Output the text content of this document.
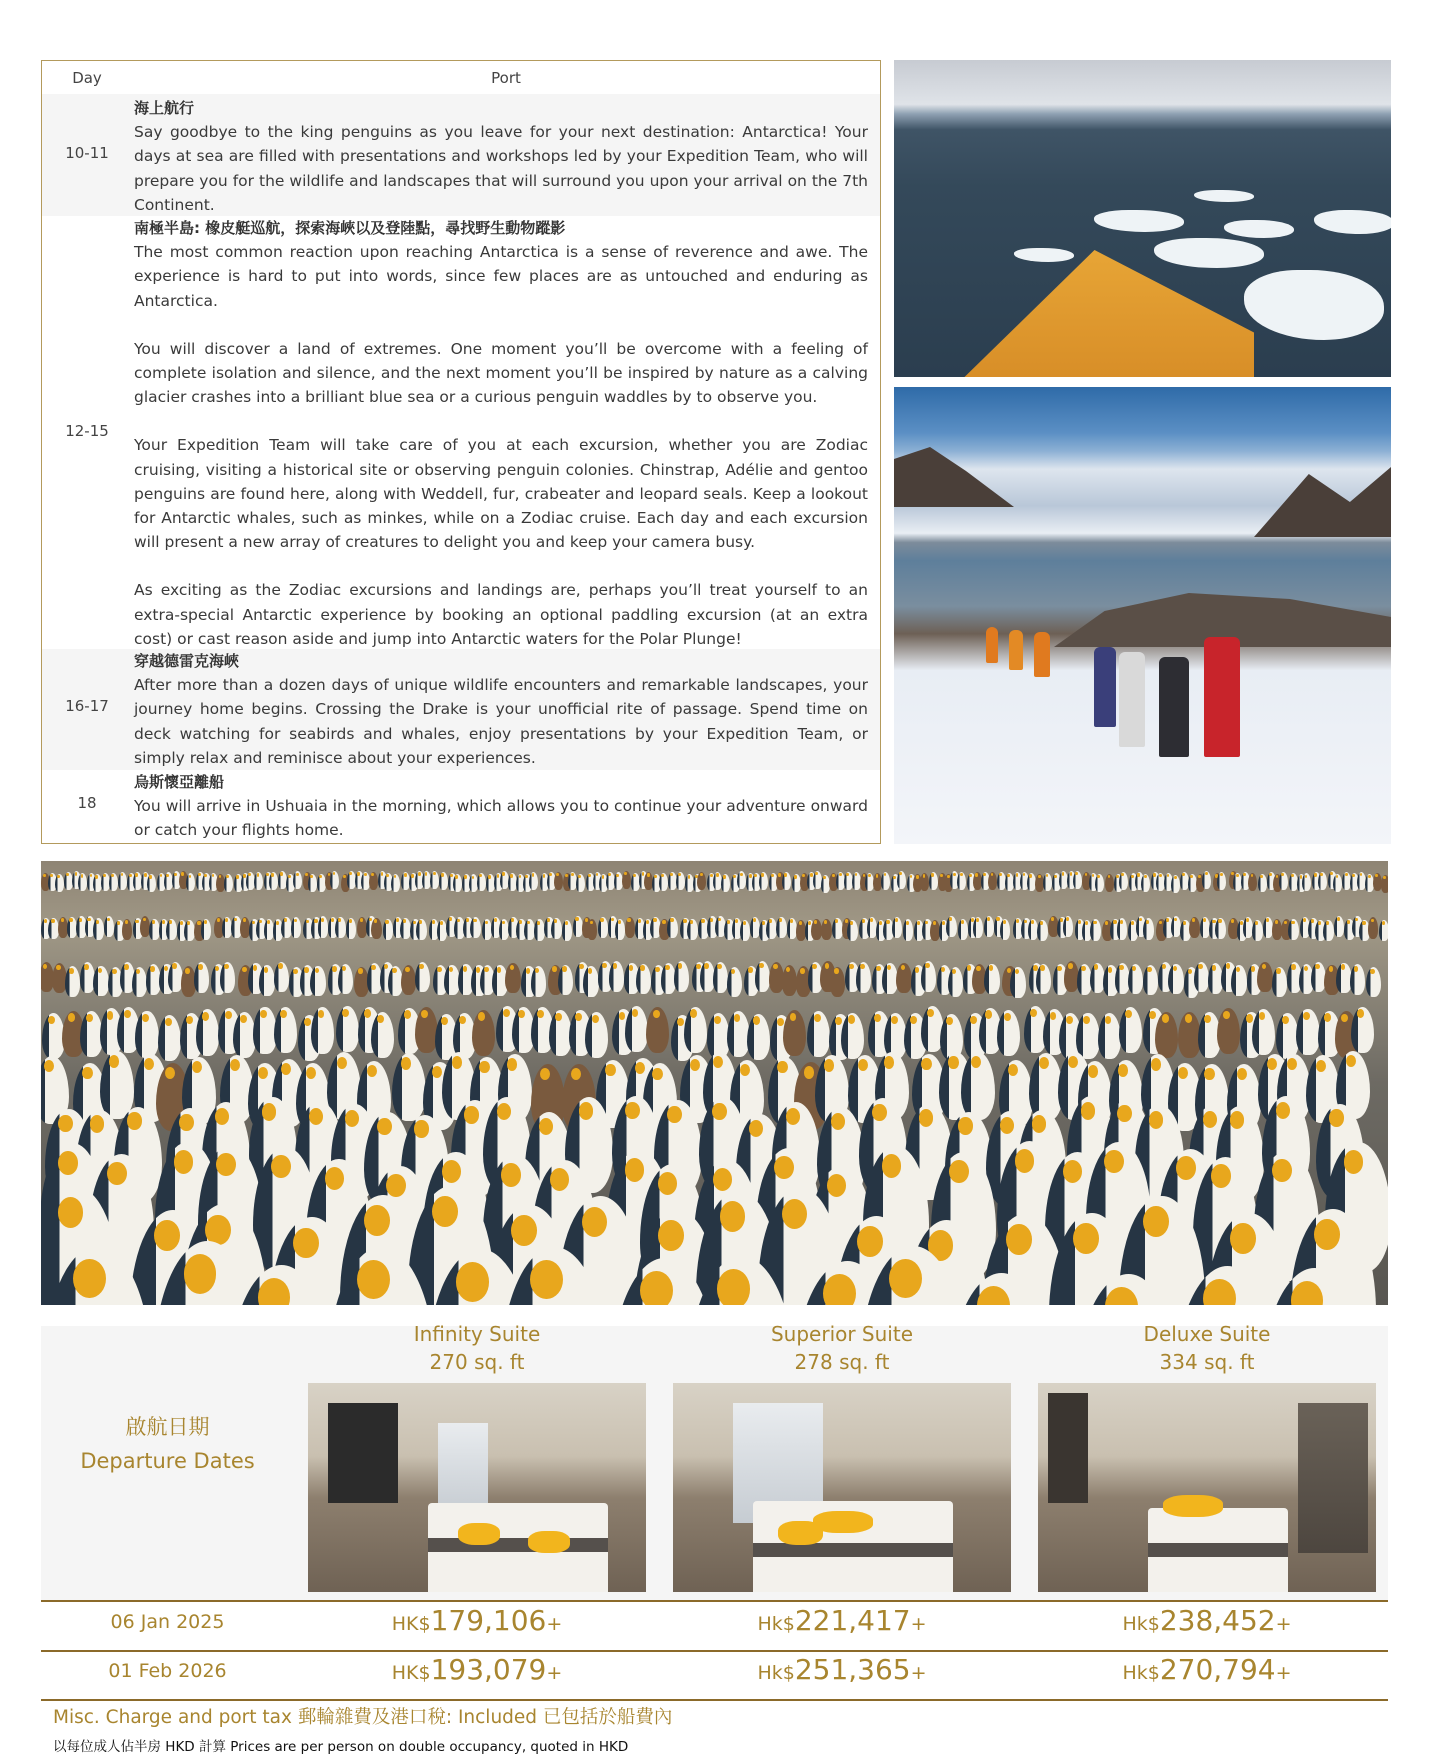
Day	Port
10-11
海上航行

Say goodbye to the king penguins as you leave for your next destination: Antarctica! Your days at sea are filled with presentations and workshops led by your Expedition Team, who will prepare you for the wildlife and landscapes that will surround you upon your arrival on the 7th Continent.

12-15
南極半島: 橡皮艇巡航，探索海峽以及登陸點，尋找野生動物蹤影

The most common reaction upon reaching Antarctica is a sense of reverence and awe. The experience is hard to put into words, since few places are as untouched and enduring as Antarctica.

You will discover a land of extremes. One moment you’ll be overcome with a feeling of complete isolation and silence, and the next moment you’ll be inspired by nature as a calving glacier crashes into a brilliant blue sea or a curious penguin waddles by to observe you.

Your Expedition Team will take care of you at each excursion, whether you are Zodiac cruising, visiting a historical site or observing penguin colonies. Chinstrap, Adélie and gentoo penguins are found here, along with Weddell, fur, crabeater and leopard seals. Keep a lookout for Antarctic whales, such as minkes, while on a Zodiac cruise. Each day and each excursion will present a new array of creatures to delight you and keep your camera busy.

As exciting as the Zodiac excursions and landings are, perhaps you’ll treat yourself to an extra-special Antarctic experience by booking an optional paddling excursion (at an extra cost) or cast reason aside and jump into Antarctic waters for the Polar Plunge!

16-17
穿越德雷克海峽

After more than a dozen days of unique wildlife encounters and remarkable landscapes, your journey home begins. Crossing the Drake is your unofficial rite of passage. Spend time on deck watching for seabirds and whales, enjoy presentations by your Expedition Team, or simply relax and reminisce about your experiences.

18
烏斯懷亞離船

You will arrive in Ushuaia in the morning, which allows you to continue your adventure onward or catch your flights home.

Infinity Suite
270 sq. ft
Superior Suite
278 sq. ft
Deluxe Suite
334 sq. ft
啟航日期
Departure Dates
06 Jan 2025	HK$179,106+	Hk$221,417+	Hk$238,452+
01 Feb 2026	HK$193,079+	Hk$251,365+	Hk$270,794+
Misc. Charge and port tax 郵輪雜費及港口稅: Included 已包括於船費內
以每位成人佔半房 HKD 計算 Prices are per person on double occupancy, quoted in HKD
